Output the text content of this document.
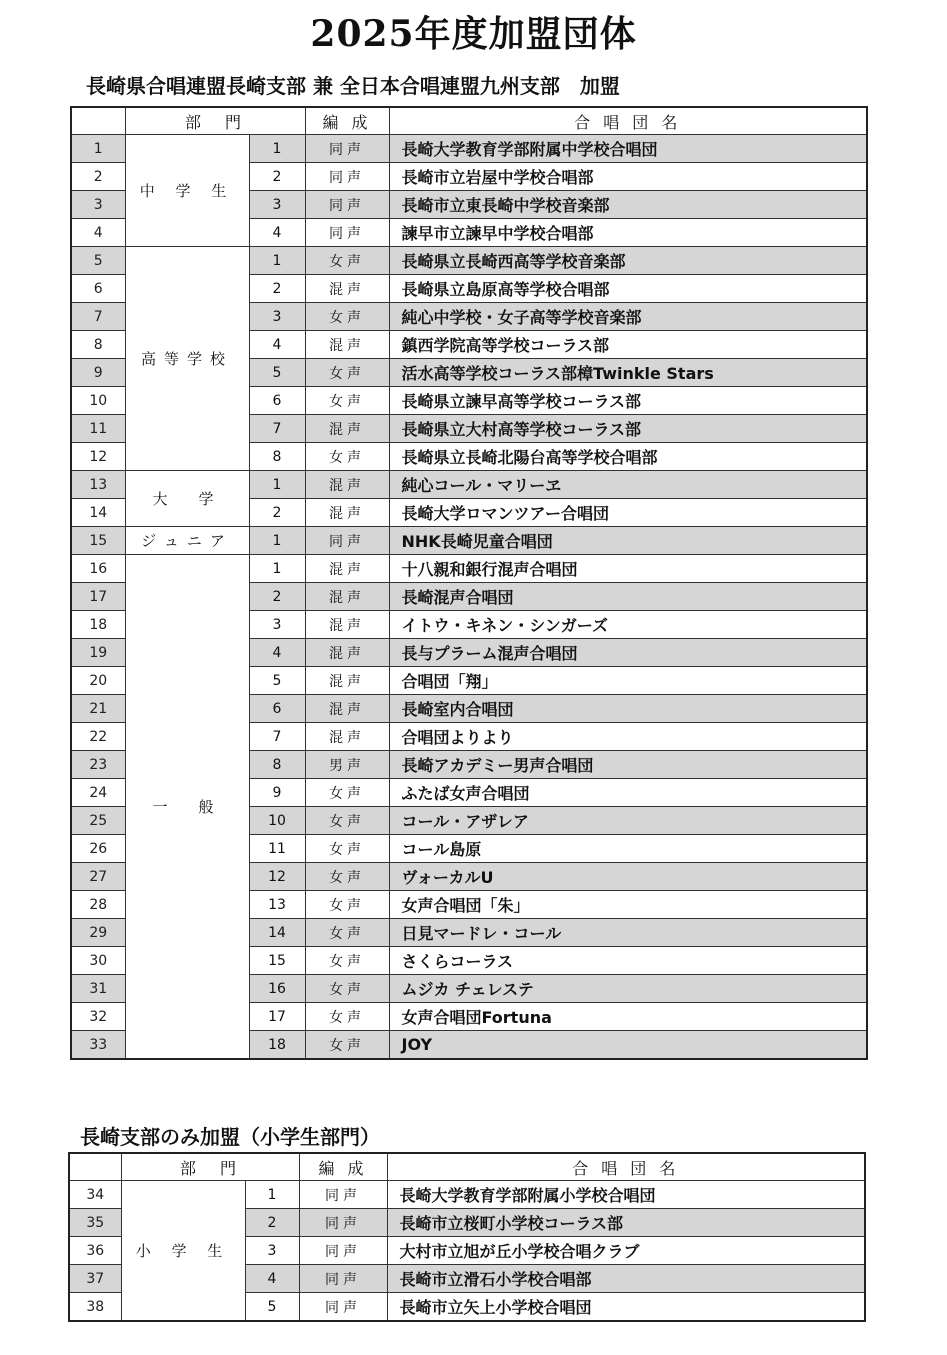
2025年度加盟団体
長崎県合唱連盟長崎支部 兼 全日本合唱連盟九州支部　加盟
	部　門		編 成	合 唱 団 名
1	中 学 生	1	同声	長崎大学教育学部附属中学校合唱団
2		2	同声	長崎市立岩屋中学校合唱部
3		3	同声	長崎市立東長崎中学校音楽部
4		4	同声	諫早市立諫早中学校合唱部
5	高等学校	1	女声	長崎県立長崎西高等学校音楽部
6		2	混声	長崎県立島原高等学校合唱部
7		3	女声	純心中学校・女子高等学校音楽部
8		4	混声	鎮西学院高等学校コーラス部
9		5	女声	活水高等学校コーラス部樟Twinkle Stars
10		6	女声	長崎県立諫早高等学校コーラス部
11		7	混声	長崎県立大村高等学校コーラス部
12		8	女声	長崎県立長崎北陽台高等学校合唱部
13	大　学	1	混声	純心コール・マリーヱ
14		2	混声	長崎大学ロマンツアー合唱団
15	ジュニア	1	同声	NHK長崎児童合唱団
16	一　般	1	混声	十八親和銀行混声合唱団
17		2	混声	長崎混声合唱団
18		3	混声	イトウ・キネン・シンガーズ
19		4	混声	長与プラーム混声合唱団
20		5	混声	合唱団「翔」
21		6	混声	長崎室内合唱団
22		7	混声	合唱団よりより
23		8	男声	長崎アカデミー男声合唱団
24		9	女声	ふたば女声合唱団
25		10	女声	コール・アザレア
26		11	女声	コール島原
27		12	女声	ヴォーカルU
28		13	女声	女声合唱団「朱」
29		14	女声	日見マードレ・コール
30		15	女声	さくらコーラス
31		16	女声	ムジカ チェレステ
32		17	女声	女声合唱団Fortuna
33		18	女声	JOY
長崎支部のみ加盟（小学生部門）
	部　門		編 成	合 唱 団 名
34	小 学 生	1	同声	長崎大学教育学部附属小学校合唱団
35		2	同声	長崎市立桜町小学校コーラス部
36		3	同声	大村市立旭が丘小学校合唱クラブ
37		4	同声	長崎市立滑石小学校合唱部
38		5	同声	長崎市立矢上小学校合唱団
